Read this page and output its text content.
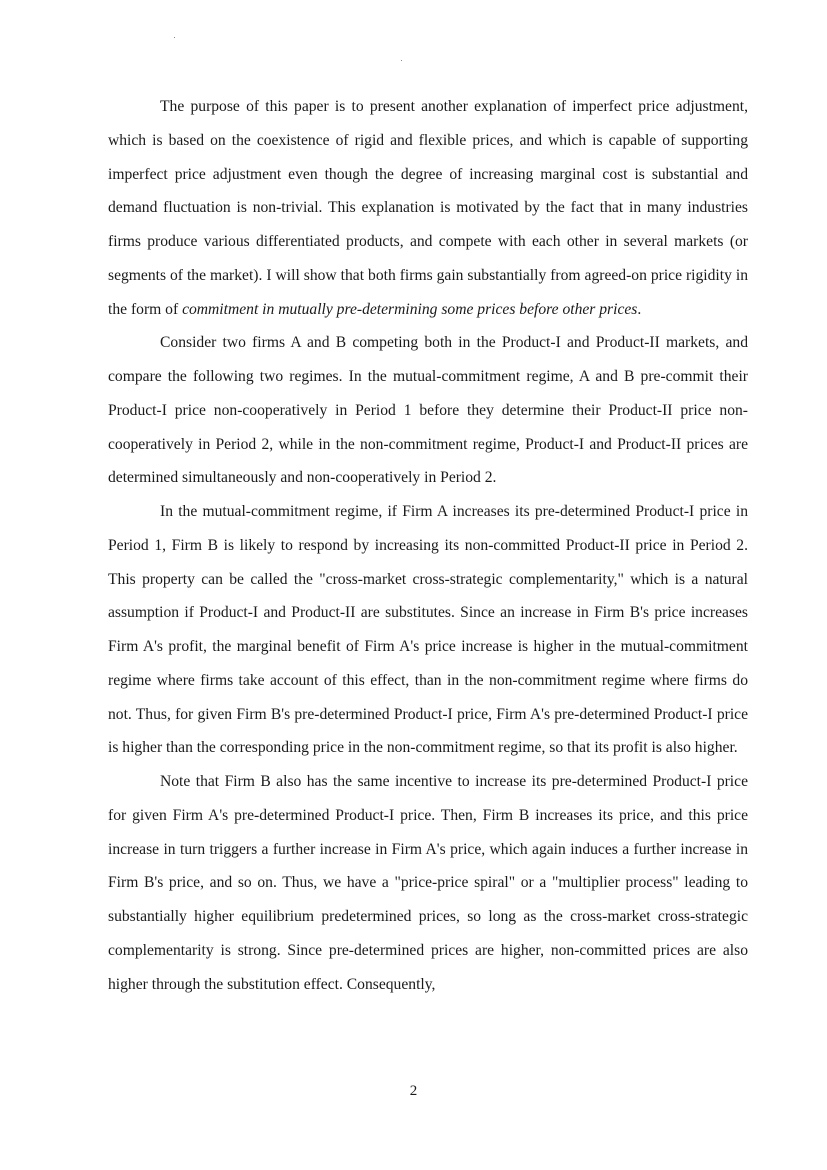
The purpose of this paper is to present another explanation of imperfect price adjustment, which is based on the coexistence of rigid and flexible prices, and which is capable of supporting imperfect price adjustment even though the degree of increasing marginal cost is substantial and demand fluctuation is non-trivial. This explanation is motivated by the fact that in many industries firms produce various differentiated products, and compete with each other in several markets (or segments of the market). I will show that both firms gain substantially from agreed-on price rigidity in the form of commitment in mutually pre-determining some prices before other prices.

Consider two firms A and B competing both in the Product-I and Product-II markets, and compare the following two regimes. In the mutual-commitment regime, A and B pre-commit their Product-I price non-cooperatively in Period 1 before they determine their Product-II price non-cooperatively in Period 2, while in the non-commitment regime, Product-I and Product-II prices are determined simultaneously and non-cooperatively in Period 2.

In the mutual-commitment regime, if Firm A increases its pre-determined Product-I price in Period 1, Firm B is likely to respond by increasing its non-committed Product-II price in Period 2. This property can be called the "cross-market cross-strategic complementarity," which is a natural assumption if Product-I and Product-II are substitutes. Since an increase in Firm B's price increases Firm A's profit, the marginal benefit of Firm A's price increase is higher in the mutual-commitment regime where firms take account of this effect, than in the non-commitment regime where firms do not. Thus, for given Firm B's pre-determined Product-I price, Firm A's pre-determined Product-I price is higher than the corresponding price in the non-commitment regime, so that its profit is also higher.

Note that Firm B also has the same incentive to increase its pre-determined Product-I price for given Firm A's pre-determined Product-I price. Then, Firm B increases its price, and this price increase in turn triggers a further increase in Firm A's price, which again induces a further increase in Firm B's price, and so on. Thus, we have a "price-price spiral" or a "multiplier process" leading to substantially higher equilibrium predetermined prices, so long as the cross-market cross-strategic complementarity is strong. Since pre-determined prices are higher, non-committed prices are also higher through the substitution effect. Consequently,

2
